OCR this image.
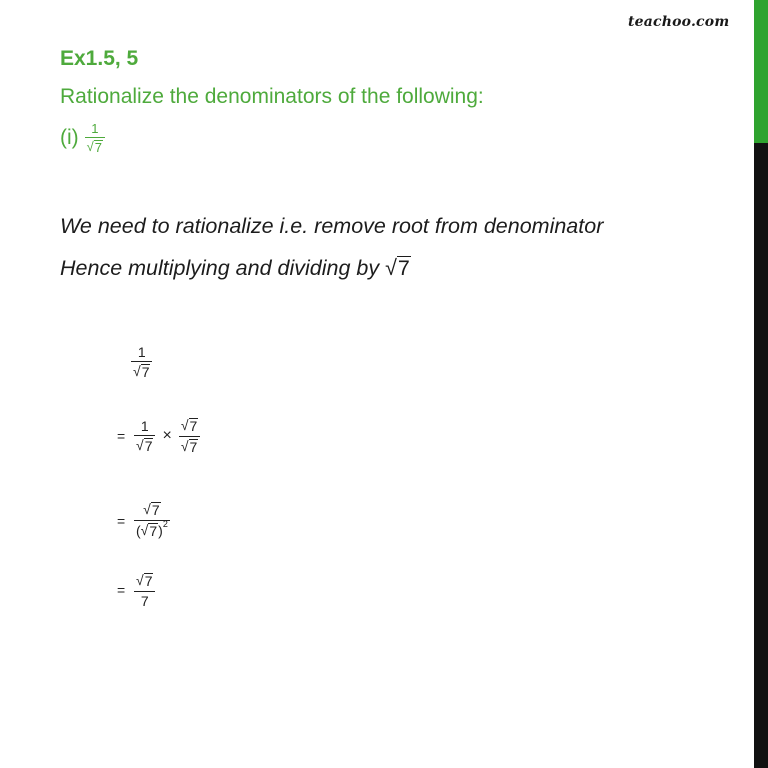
teachoo.com
Ex1.5, 5
Rationalize the denominators of the following:
$(i) \frac{1}{√ 7}$
We need to rationalize i.e. remove root from denominator
Hence multiplying and dividing by √ 7
$\frac{1}{√ 7}$
= $\frac{1}{√ 7} \times \frac{√ 7}{√ 7}$
= $\frac{√ 7}{( √ 7 )^2}$
= $\frac{√ 7}{7}$
